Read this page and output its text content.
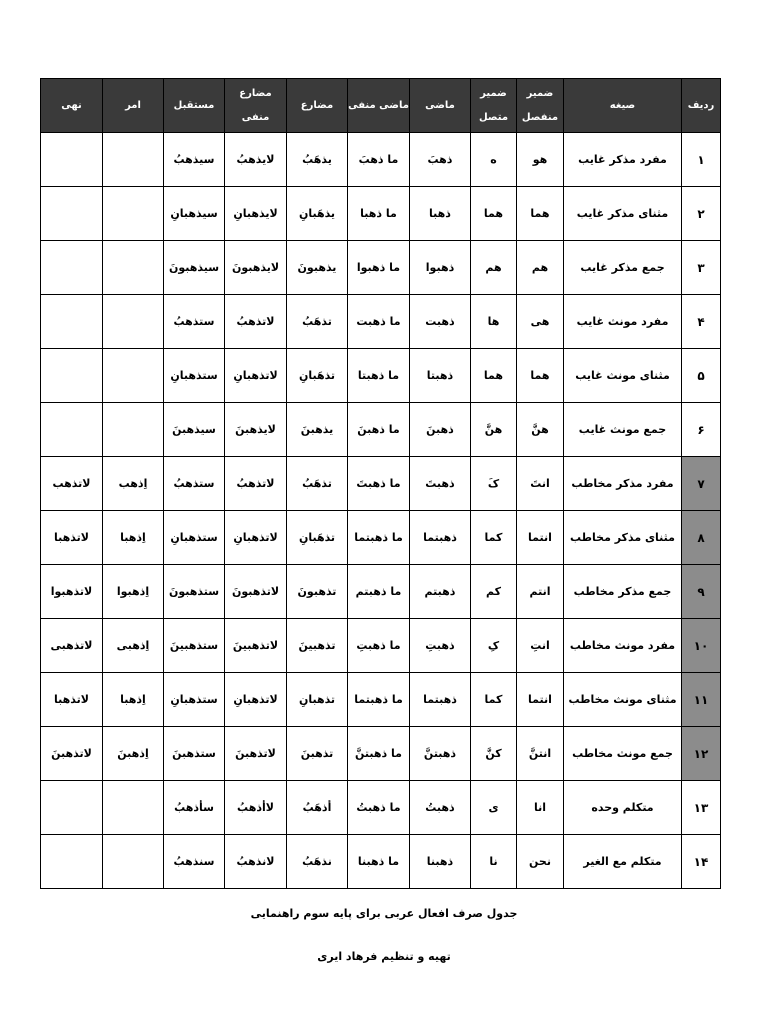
ردیف	صیغه	ضمیر منفصل	ضمیر متصل	ماضی	ماضی منفی	مضارع	مضارع منفی	مستقبل	امر	نهی
۱	مفرد مذکر غایب	هو	ه	ذهبَ	ما ذهبَ	یذهَبُ	لایذهبُ	سیذهبُ		
۲	مثنای مذکر غایب	هما	هما	ذهبا	ما ذهبا	یذهَبانِ	لایذهبانِ	سیذهبانِ		
۳	جمع مذکر غایب	هم	هم	ذهبوا	ما ذهبوا	یذهبونَ	لایذهبونَ	سیذهبونَ		
۴	مفرد مونث غایب	هی	ها	ذهبت	ما ذهبت	تذهَبُ	لاتذهبُ	ستذهبُ		
۵	مثنای مونث غایب	هما	هما	ذهبتا	ما ذهبتا	تذهَبانِ	لاتذهبانِ	ستذهبانِ		
۶	جمع مونث غایب	هنَّ	هنَّ	ذهبنَ	ما ذهبنَ	یذهبنَ	لایذهبنَ	سیذهبنَ		
۷	مفرد مذکر مخاطب	انتَ	کَ	ذهبتَ	ما ذهبتَ	تذهَبُ	لاتذهبُ	ستذهبُ	اِذهب	لاتذهب
۸	مثنای مذکر مخاطب	انتما	کما	ذهبتما	ما ذهبتما	تذهَبانِ	لاتذهبانِ	ستذهبانِ	اِذهبا	لاتذهبا
۹	جمع مذکر مخاطب	انتم	کم	ذهبتم	ما ذهبتم	تذهبونَ	لاتذهبونَ	ستذهبونَ	اِذهبوا	لاتذهبوا
۱۰	مفرد مونث مخاطب	انتِ	کِ	ذهبتِ	ما ذهبتِ	تذهبینَ	لاتذهبینَ	ستذهبینَ	اِذهبی	لاتذهبی
۱۱	مثنای مونث مخاطب	انتما	کما	ذهبتما	ما ذهبتما	تذهبانِ	لاتذهبانِ	ستذهبانِ	اِذهبا	لاتذهبا
۱۲	جمع مونث مخاطب	انتنَّ	کنَّ	ذهبتنَّ	ما ذهبتنَّ	تذهبنَ	لاتذهبنَ	ستذهبنَ	اِذهبنَ	لاتذهبنَ
۱۳	متکلم وحده	انا	ی	ذهبتُ	ما ذهبتُ	أذهَبُ	لاأذهبُ	سأذهبُ		
۱۴	متکلم مع الغیر	نحن	نا	ذهبنا	ما ذهبنا	نذهَبُ	لانذهبُ	سنذهبُ		
جدول صرف افعال عربی برای پایه سوم راهنمایی
تهیه و تنظیم فرهاد ایری
